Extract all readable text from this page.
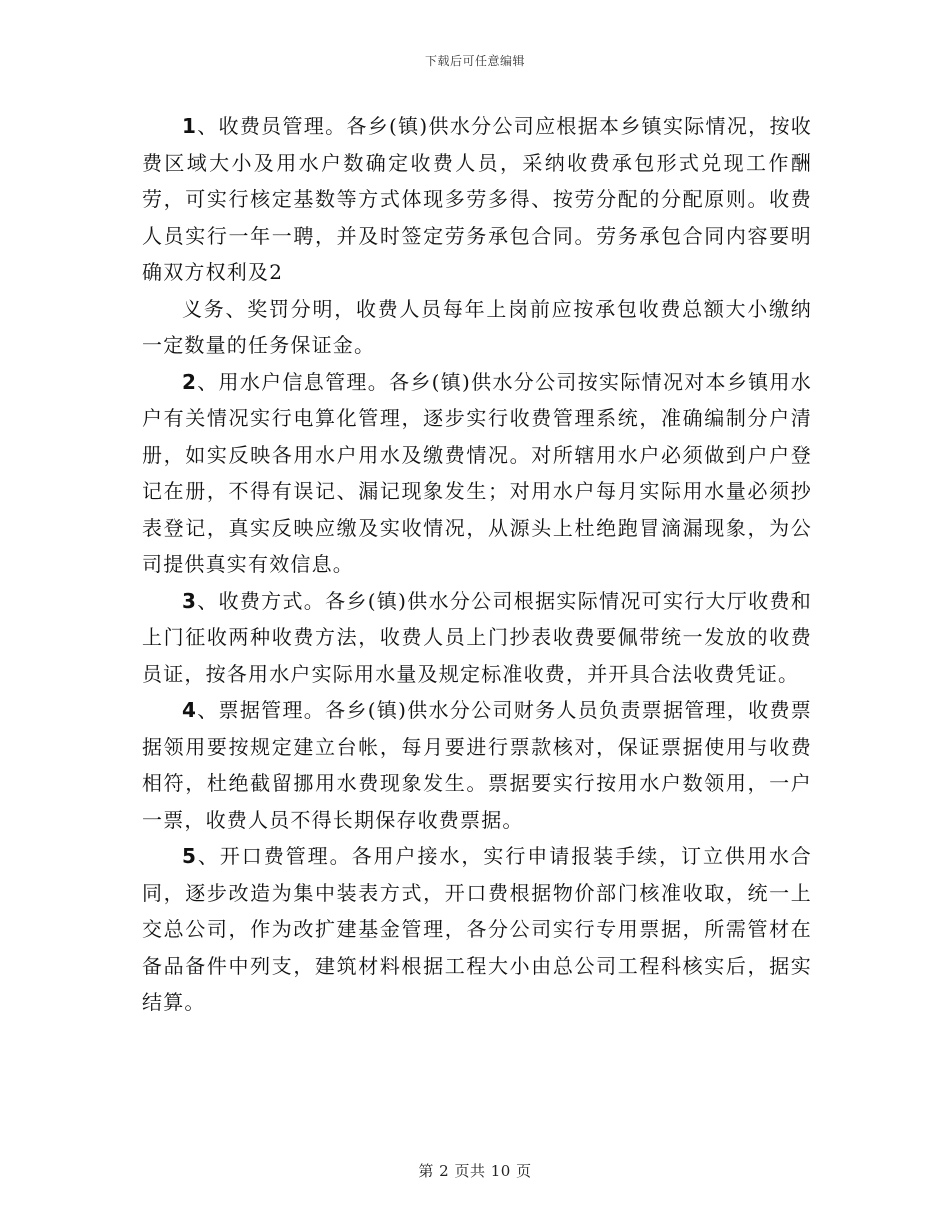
下载后可任意编辑

1、收费员管理。各乡(镇)供水分公司应根据本乡镇实际情况，按收费区域大小及用水户数确定收费人员，采纳收费承包形式兑现工作酬劳，可实行核定基数等方式体现多劳多得、按劳分配的分配原则。收费人员实行一年一聘，并及时签定劳务承包合同。劳务承包合同内容要明确双方权利及2

义务、奖罚分明，收费人员每年上岗前应按承包收费总额大小缴纳一定数量的任务保证金。

2、用水户信息管理。各乡(镇)供水分公司按实际情况对本乡镇用水户有关情况实行电算化管理，逐步实行收费管理系统，准确编制分户清册，如实反映各用水户用水及缴费情况。对所辖用水户必须做到户户登记在册，不得有误记、漏记现象发生；对用水户每月实际用水量必须抄表登记，真实反映应缴及实收情况，从源头上杜绝跑冒滴漏现象，为公司提供真实有效信息。

3、收费方式。各乡(镇)供水分公司根据实际情况可实行大厅收费和上门征收两种收费方法，收费人员上门抄表收费要佩带统一发放的收费员证，按各用水户实际用水量及规定标准收费，并开具合法收费凭证。

4、票据管理。各乡(镇)供水分公司财务人员负责票据管理，收费票据领用要按规定建立台帐，每月要进行票款核对，保证票据使用与收费相符，杜绝截留挪用水费现象发生。票据要实行按用水户数领用，一户一票，收费人员不得长期保存收费票据。

5、开口费管理。各用户接水，实行申请报装手续，订立供用水合同，逐步改造为集中装表方式，开口费根据物价部门核准收取，统一上交总公司，作为改扩建基金管理，各分公司实行专用票据，所需管材在备品备件中列支，建筑材料根据工程大小由总公司工程科核实后，据实结算。

第 2 页共 10 页
